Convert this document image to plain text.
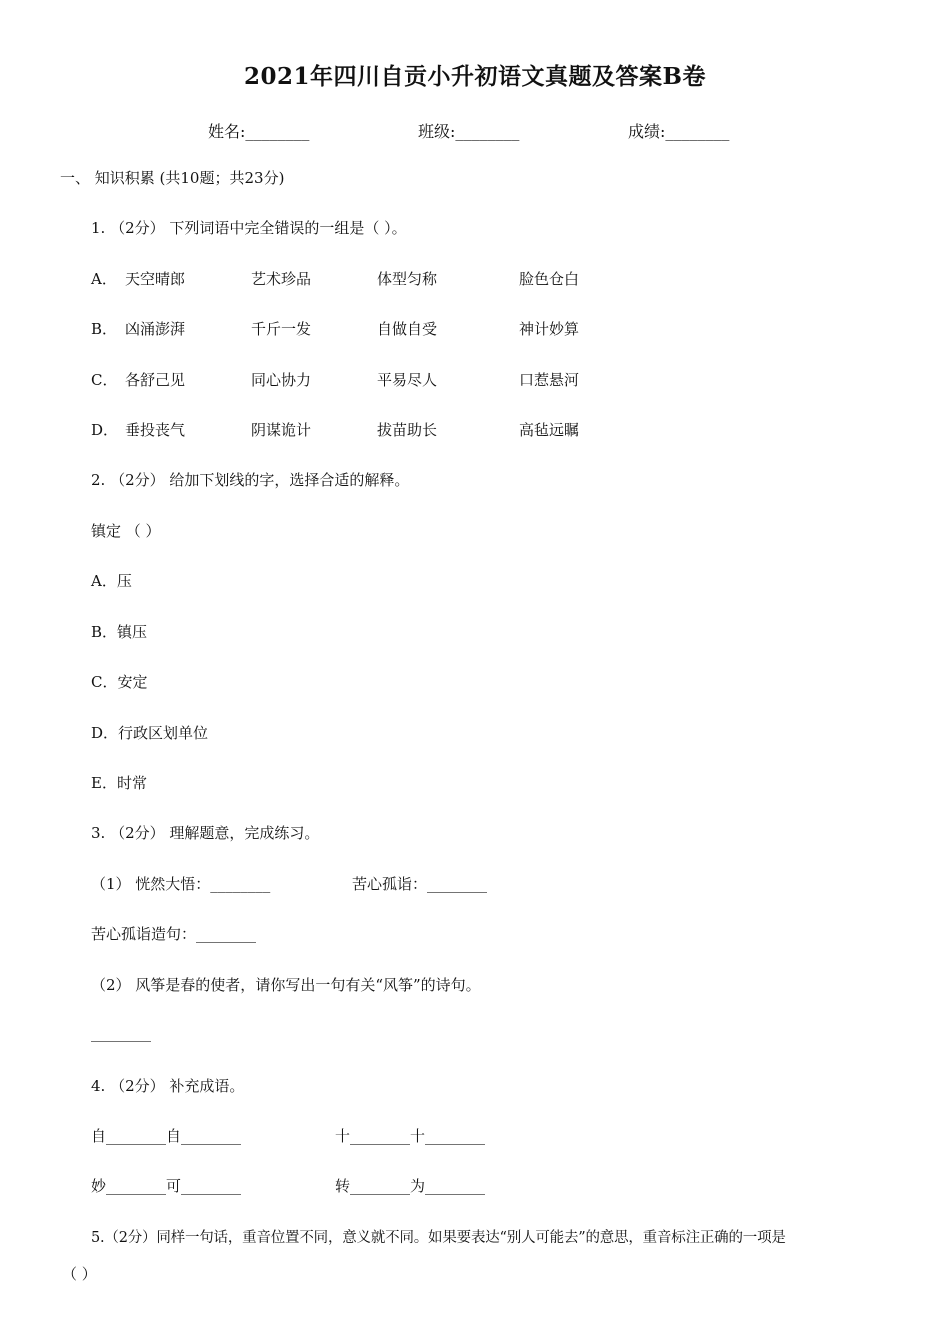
2021年四川自贡小升初语文真题及答案B卷
姓名:________	班级:________	成绩:________
一、 知识积累 (共10题；共23分)
1. （2分） 下列词语中完全错误的一组是（ ）。
A． 天空晴郎	艺术珍品	体型匀称	脸色仓白
B． 凶涌澎湃	千斤一发	自做自受	神计妙算
C． 各舒己见	同心协力	平易尽人	口惹悬河
D． 垂投丧气	阴谋诡计	拔苗助长	高毡远瞩
2. （2分） 给加下划线的字，选择合适的解释。
镇定 （ ）
A．压
B．镇压
C．安定
D．行政区划单位
E．时常
3. （2分） 理解题意，完成练习。
（1） 恍然大悟：________	苦心孤诣：________
苦心孤诣造句：________
（2） 风筝是春的使者，请你写出一句有关“风筝”的诗句。
________
4. （2分） 补充成语。
自________自________	十________十________
妙________可________	转________为________
5.（2分）同样一句话，重音位置不同，意义就不同。如果要表达“别人可能去”的意思，重音标注正确的一项是
（ ）
